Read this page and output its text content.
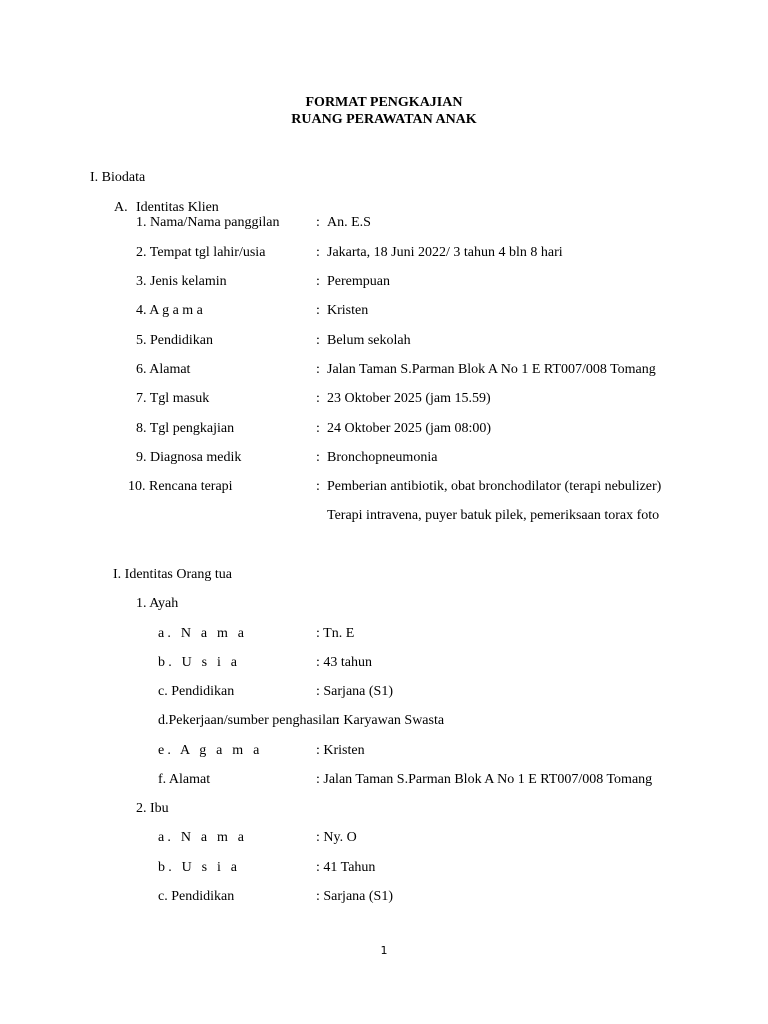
FORMAT PENGKAJIAN
RUANG PERAWATAN ANAK
I. Biodata
A. Identitas Klien
1. Nama/Nama panggilan	: An. E.S
2. Tempat tgl lahir/usia	: Jakarta, 18 Juni 2022/ 3 tahun 4 bln 8 hari
3. Jenis kelamin	: Perempuan
4. A g a m a	: Kristen
5. Pendidikan	: Belum sekolah
6. Alamat	: Jalan Taman S.Parman Blok A No 1 E RT007/008 Tomang
7. Tgl masuk	: 23 Oktober 2025 (jam 15.59)
8. Tgl pengkajian	: 24 Oktober 2025 (jam 08:00)
9. Diagnosa medik	: Bronchopneumonia
10. Rencana terapi	: Pemberian antibiotik, obat bronchodilator (terapi nebulizer)
Terapi intravena, puyer batuk pilek, pemeriksaan torax foto
I. Identitas Orang tua
1. Ayah
a. N a m a	: Tn. E
b. U s i a	: 43 tahun
c. Pendidikan	: Sarjana (S1)
d.Pekerjaan/sumber penghasilan
: Karyawan Swasta
e. A g a m a	: Kristen
f. Alamat	: Jalan Taman S.Parman Blok A No 1 E RT007/008 Tomang
2. Ibu
a. N a m a	: Ny. O
b. U s i a	: 41 Tahun
c. Pendidikan	: Sarjana (S1)
1
